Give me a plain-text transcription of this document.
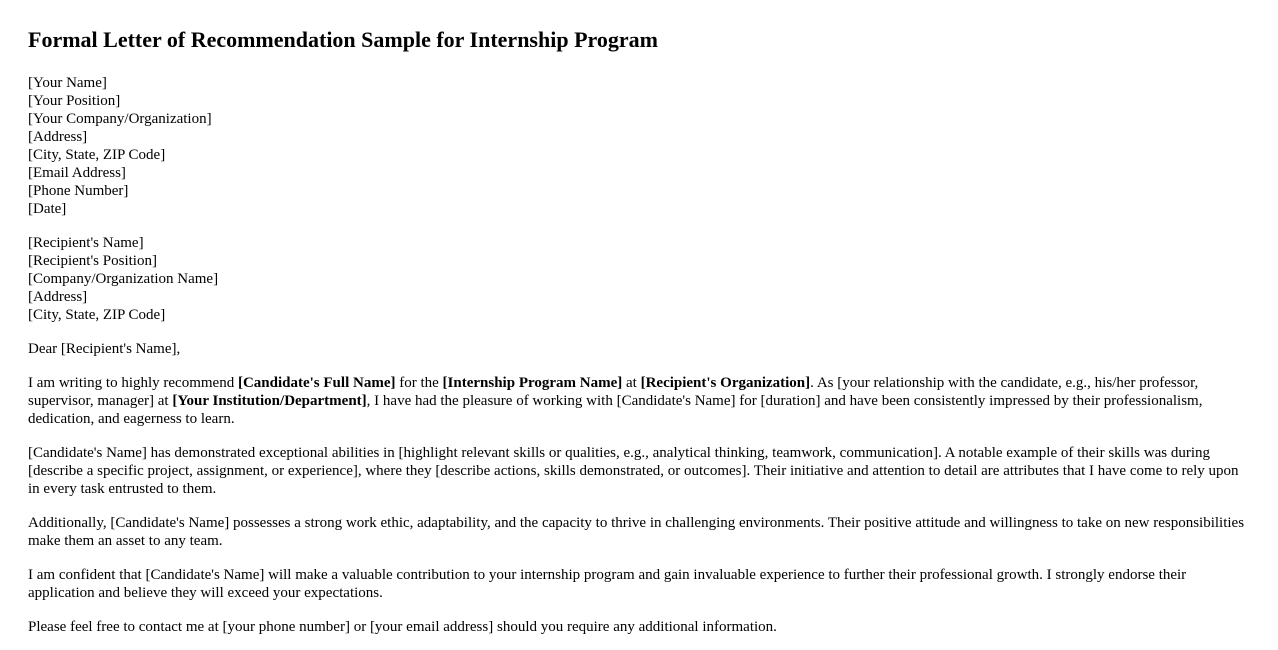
Formal Letter of Recommendation Sample for Internship Program
[Your Name]
[Your Position]
[Your Company/Organization]
[Address]
[City, State, ZIP Code]
[Email Address]
[Phone Number]
[Date]
[Recipient's Name]
[Recipient's Position]
[Company/Organization Name]
[Address]
[City, State, ZIP Code]

Dear [Recipient's Name],

I am writing to highly recommend [Candidate's Full Name] for the [Internship Program Name] at [Recipient's Organization]. As [your relationship with the candidate, e.g., his/her professor, supervisor, manager] at [Your Institution/Department], I have had the pleasure of working with [Candidate's Name] for [duration] and have been consistently impressed by their professionalism, dedication, and eagerness to learn.

[Candidate's Name] has demonstrated exceptional abilities in [highlight relevant skills or qualities, e.g., analytical thinking, teamwork, communication]. A notable example of their skills was during [describe a specific project, assignment, or experience], where they [describe actions, skills demonstrated, or outcomes]. Their initiative and attention to detail are attributes that I have come to rely upon in every task entrusted to them.

Additionally, [Candidate's Name] possesses a strong work ethic, adaptability, and the capacity to thrive in challenging environments. Their positive attitude and willingness to take on new responsibilities make them an asset to any team.

I am confident that [Candidate's Name] will make a valuable contribution to your internship program and gain invaluable experience to further their professional growth. I strongly endorse their application and believe they will exceed your expectations.

Please feel free to contact me at [your phone number] or [your email address] should you require any additional information.
